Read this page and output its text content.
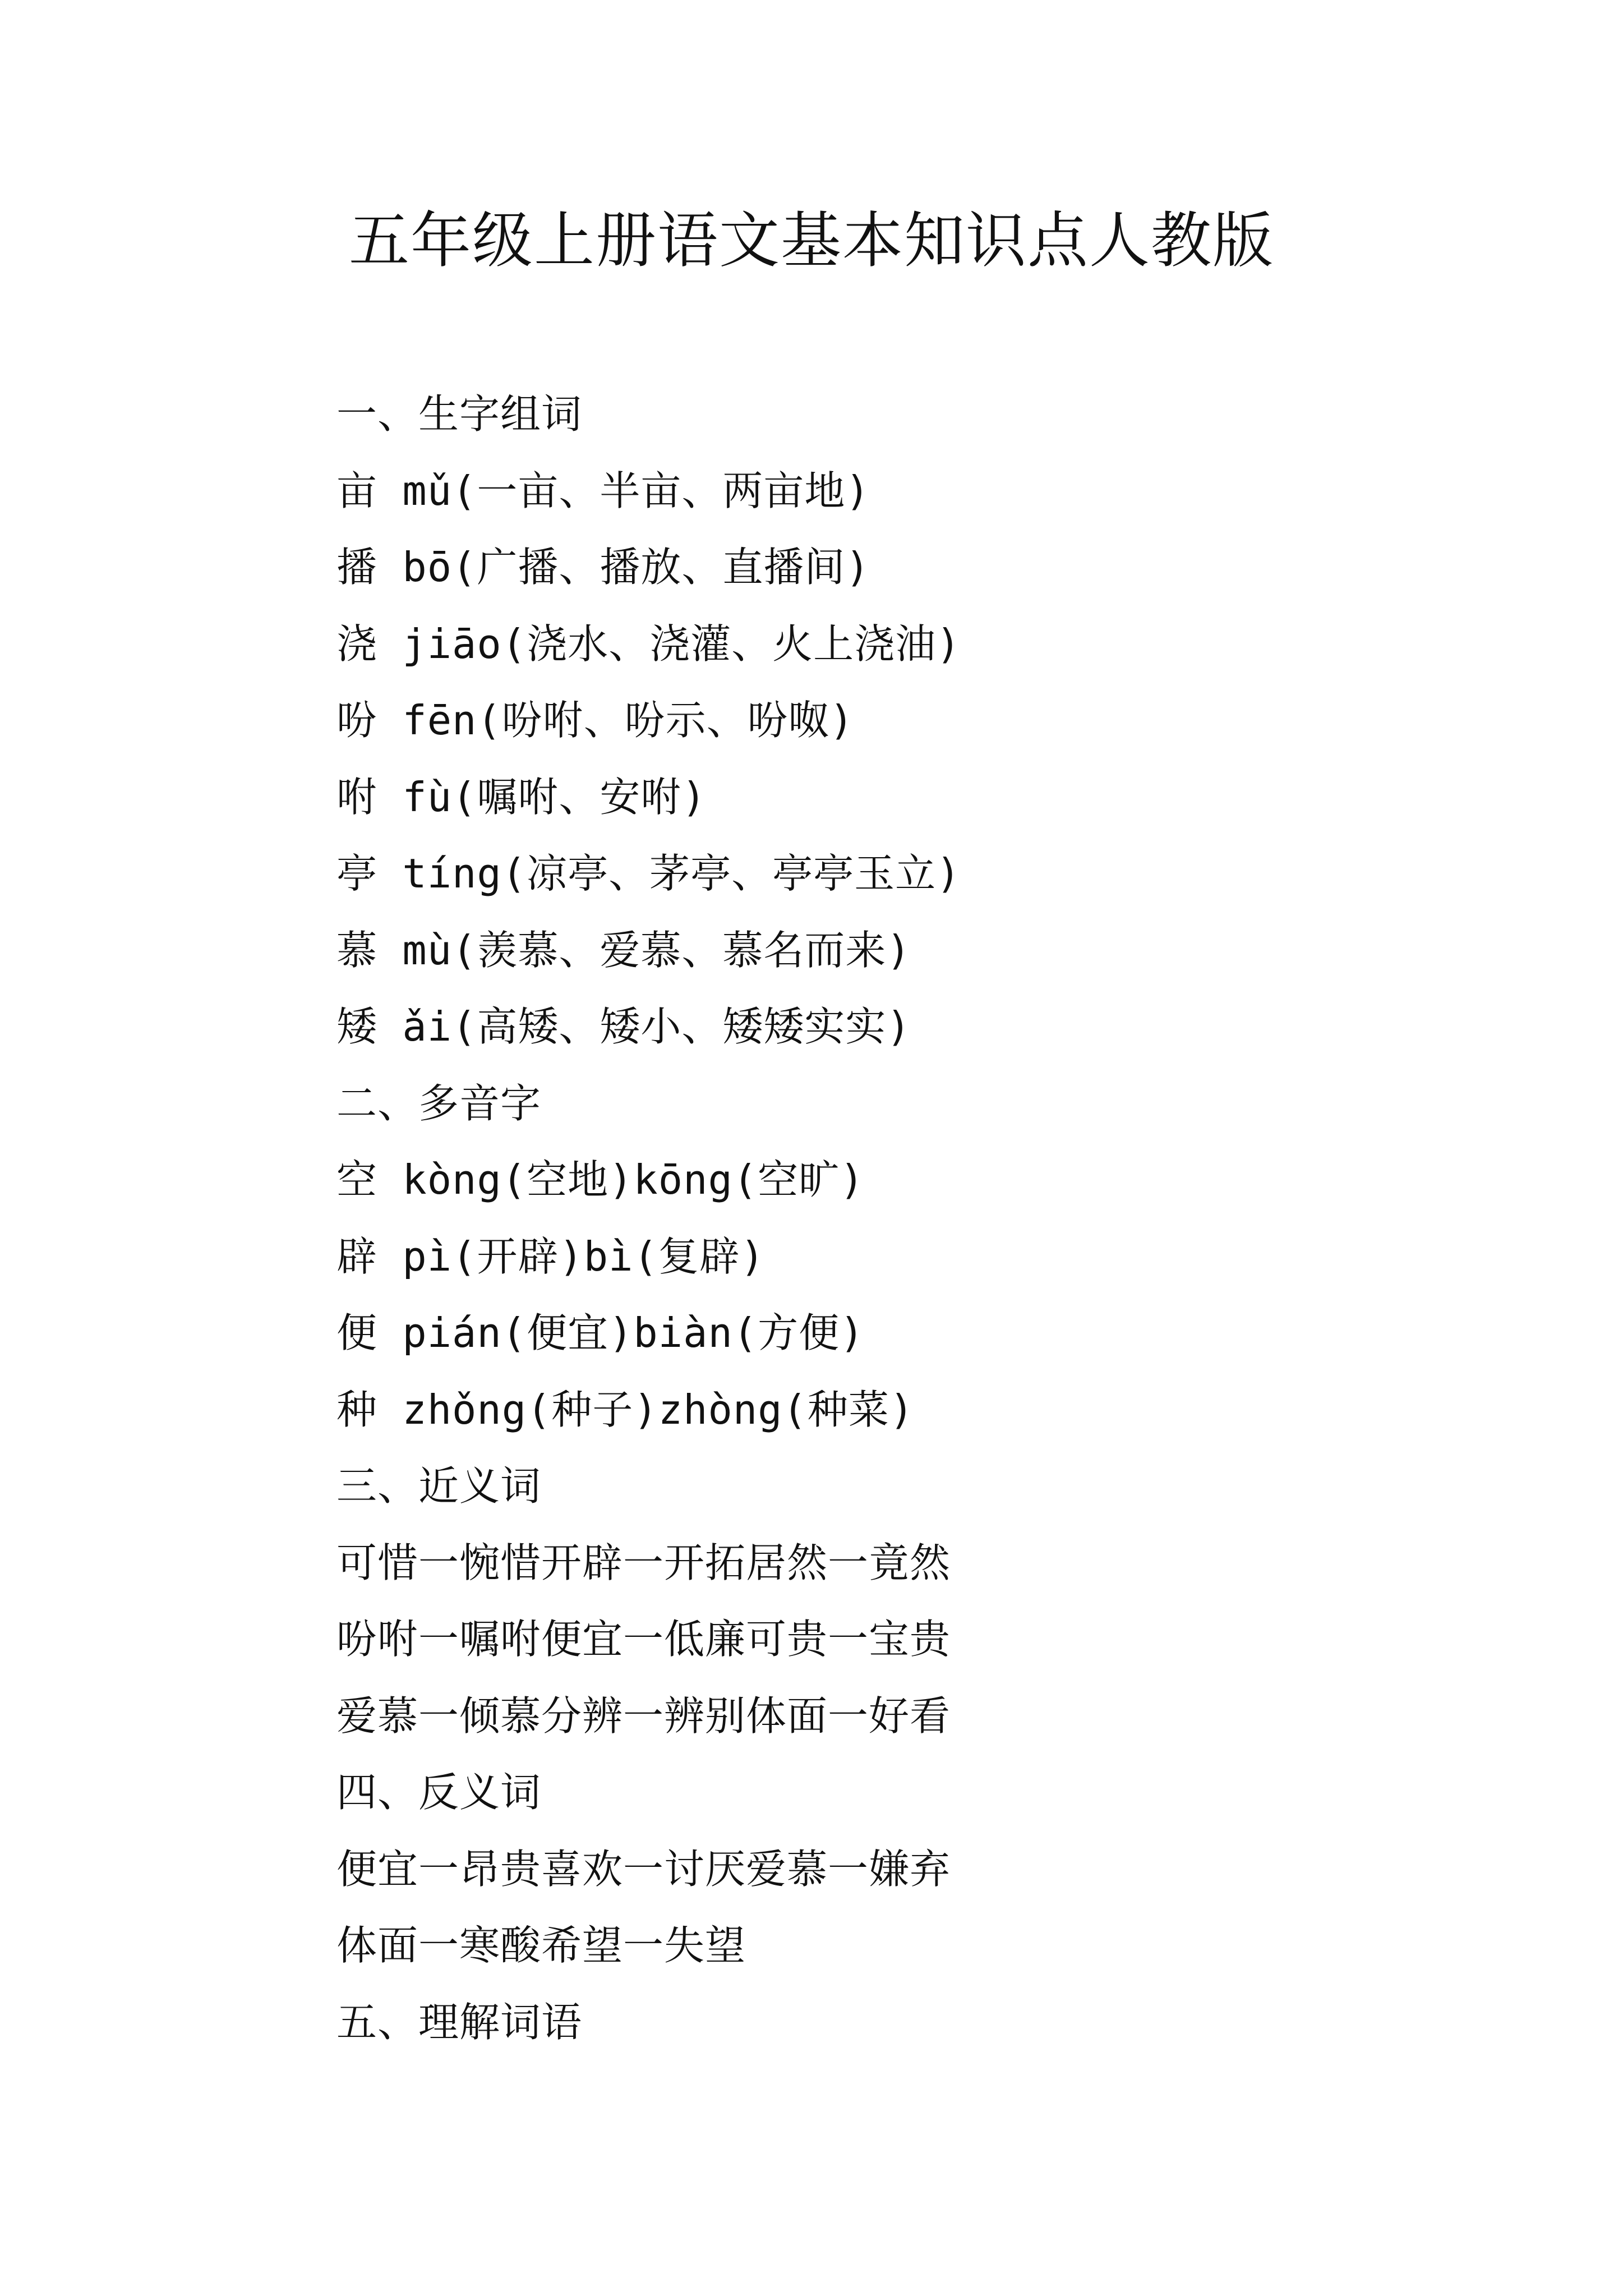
五年级上册语文基本知识点人教版
一、生字组词
亩 mǔ(一亩、半亩、两亩地)
播 bō(广播、播放、直播间)
浇 jiāo(浇水、浇灌、火上浇油)
吩 fēn(吩咐、吩示、吩呶)
咐 fù(嘱咐、安咐)
亭 tíng(凉亭、茅亭、亭亭玉立)
慕 mù(羡慕、爱慕、慕名而来)
矮 ǎi(高矮、矮小、矮矮实实)
二、多音字
空 kòng(空地)kōng(空旷)
辟 pì(开辟)bì(复辟)
便 pián(便宜)biàn(方便)
种 zhǒng(种子)zhòng(种菜)
三、近义词
可惜一惋惜开辟一开拓居然一竟然
吩咐一嘱咐便宜一低廉可贵一宝贵
爱慕一倾慕分辨一辨别体面一好看
四、反义词
便宜一昂贵喜欢一讨厌爱慕一嫌弃
体面一寒酸希望一失望
五、理解词语
